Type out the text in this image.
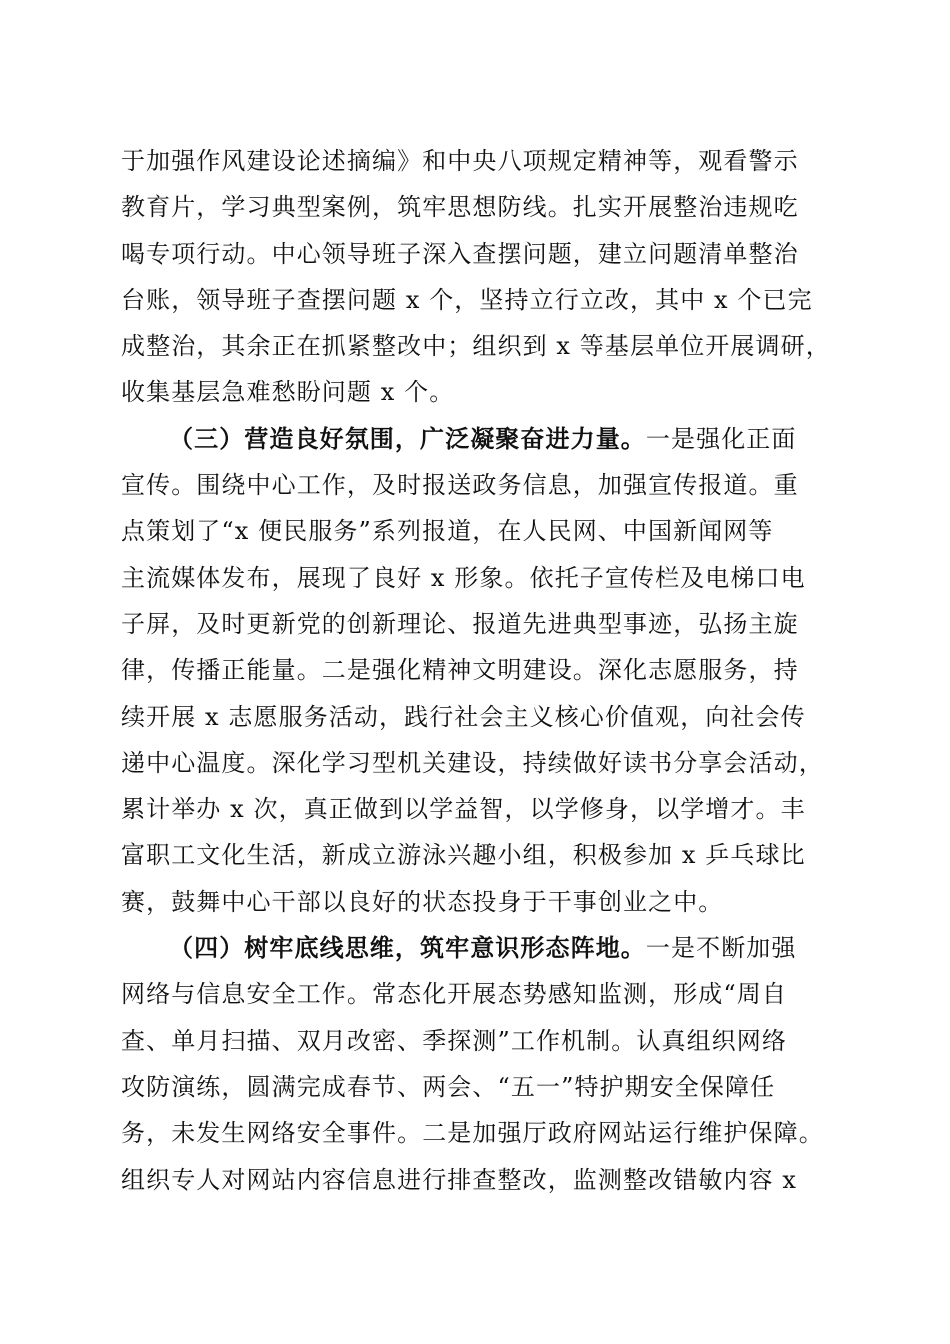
于加强作风建设论述摘编》和中央八项规定精神等，观看警示
教育片，学习典型案例，筑牢思想防线。扎实开展整治违规吃
喝专项行动。中心领导班子深入查摆问题，建立问题清单整治
台账，领导班子查摆问题 x 个，坚持立行立改，其中 x 个已完
成整治，其余正在抓紧整改中；组织到 x 等基层单位开展调研，
收集基层急难愁盼问题 x 个。
（三）营造良好氛围，广泛凝聚奋进力量。一是强化正面
宣传。围绕中心工作，及时报送政务信息，加强宣传报道。重
点策划了“x 便民服务”系列报道，在人民网、中国新闻网等
主流媒体发布，展现了良好 x 形象。依托子宣传栏及电梯口电
子屏，及时更新党的创新理论、报道先进典型事迹，弘扬主旋
律，传播正能量。二是强化精神文明建设。深化志愿服务，持
续开展 x 志愿服务活动，践行社会主义核心价值观，向社会传
递中心温度。深化学习型机关建设，持续做好读书分享会活动，
累计举办 x 次，真正做到以学益智，以学修身，以学增才。丰
富职工文化生活，新成立游泳兴趣小组，积极参加 x 乒乓球比
赛，鼓舞中心干部以良好的状态投身于干事创业之中。
（四）树牢底线思维，筑牢意识形态阵地。一是不断加强
网络与信息安全工作。常态化开展态势感知监测，形成“周自
查、单月扫描、双月改密、季探测”工作机制。认真组织网络
攻防演练，圆满完成春节、两会、“五一”特护期安全保障任
务，未发生网络安全事件。二是加强厅政府网站运行维护保障。
组织专人对网站内容信息进行排查整改，监测整改错敏内容 x
